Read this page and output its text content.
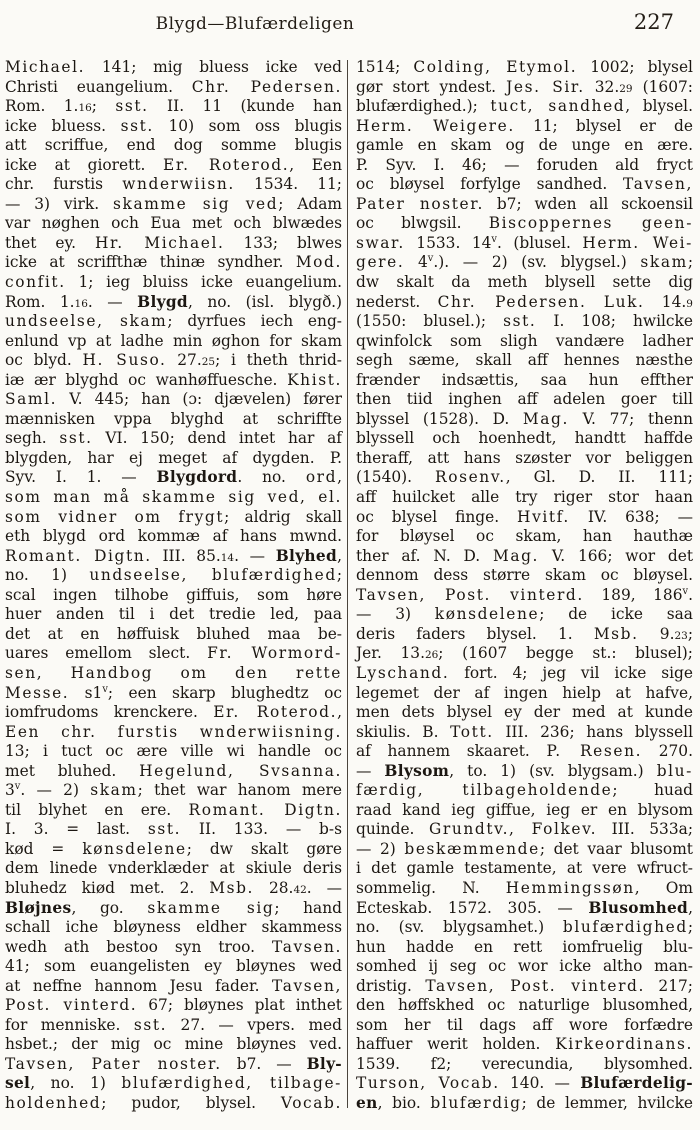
Blygd—Blufærdeligen	227
Michael. 141; mig bluess icke ved
Christi euangelium. Chr. Pedersen.
Rom. 1.16; sst. II. 11 (kunde han
icke bluess. sst. 10) som oss blugis
att scriffue, end dog somme blugis
icke at giorett. Er. Roterod., Een
chr. furstis wnderwiisn. 1534. 11;
— 3) virk. skamme sig ved; Adam
var nøghen och Eua met och blwædes
thet ey. Hr. Michael. 133; blwes
icke at scriffthæ thinæ syndher. Mod.
confit. 1; ieg bluiss icke euangelium.
Rom. 1.16. — Blygd, no. (isl. blygð.)
undseelse, skam; dyrfues iech eng-
enlund vp at ladhe min øghon for skam
oc blyd. H. Suso. 27.25; i theth thrid-
iæ ær blyghd oc wanhøffuesche. Khist.
Saml. V. 445; han (ɔ: djævelen) fører
mænnisken vppa blyghd at schriffte
segh. sst. VI. 150; dend intet har af
blygden, har ej meget af dygden. P.
Syv. I. 1. — Blygdord. no. ord,
som man må skamme sig ved, el.
som vidner om frygt; aldrig skall
eth blygd ord kommæ af hans mwnd.
Romant. Digtn. III. 85.14. — Blyhed,
no. 1) undseelse, blufærdighed;
scal ingen tilhobe giffuis, som høre
huer anden til i det tredie led, paa
det at en høffuisk bluhed maa be-
uares emellom slect. Fr. Wormord-
sen, Handbog om den rette
Messe. s1$^v$; een skarp blughedtz oc
iomfrudoms krenckere. Er. Roterod.,
Een chr. furstis wnderwiisning.
13; i tuct oc ære ville wi handle oc
met bluhed. Hegelund, Svsanna.
3$^v$. — 2) skam; thet war hanom mere
til blyhet en ere. Romant. Digtn.
I. 3. = last. sst. II. 133. — b-s
kød = kønsdelene; dw skalt gøre
dem linede vnderklæder at skiule deris
bluhedz kiød met. 2. Msb. 28.42. —
Bløjnes, go. skamme sig; hand
schall iche bløyness eldher skammess
wedh ath bestoo syn troo. Tavsen.
41; som euangelisten ey bløynes wed
at neffne hannom Jesu fader. Tavsen,
Post. vinterd. 67; bløynes plat inthet
for menniske. sst. 27. — vpers. med
hsbet.; der mig oc mine bløynes ved.
Tavsen, Pater noster. b7. — Bly-
sel, no. 1) blufærdighed, tilbage-
holdenhed; pudor, blysel. Vocab.
1514; Colding, Etymol. 1002; blysel
gør stort yndest. Jes. Sir. 32.29 (1607:
blufærdighed.); tuct, sandhed, blysel.
Herm. Weigere. 11; blysel er de
gamle en skam og de unge en ære.
P. Syv. I. 46; — foruden ald fryct
oc bløysel forfylge sandhed. Tavsen,
Pater noster. b7; wden all sckoensil
oc blwgsil. Biscoppernes geen-
swar. 1533. 14$^v$. (blusel. Herm. Wei-
gere. 4$^v$.). — 2) (sv. blygsel.) skam;
dw skalt da meth blysell sette dig
nederst. Chr. Pedersen. Luk. 14.9
(1550: blusel.); sst. I. 108; hwilcke
qwinfolck som sligh vandære ladher
segh sæme, skall aff hennes næsthe
frænder indsættis, saa hun effther
then tiid inghen aff adelen goer till
blyssel (1528). D. Mag. V. 77; thenn
blyssell och hoenhedt, handtt haffde
theraff, att hans szøster vor beliggen
(1540). Rosenv., Gl. D. II. 111;
aff huilcket alle try riger stor haan
oc blysel finge. Hvitf. IV. 638; —
for bløysel oc skam, han hauthæ
ther af. N. D. Mag. V. 166; wor det
dennom dess større skam oc bløysel.
Tavsen, Post. vinterd. 189, 186$^v$.
— 3) kønsdelene; de icke saa
deris faders blysel. 1. Msb. 9.23;
Jer. 13.26; (1607 begge st.: blusel);
Lyschand. fort. 4; jeg vil icke sige
legemet der af ingen hielp at hafve,
men dets blysel ey der med at kunde
skiulis. B. Tott. III. 236; hans blyssell
af hannem skaaret. P. Resen. 270.
— Blysom, to. 1) (sv. blygsam.) blu-
færdig, tilbageholdende; huad
raad kand ieg giffue, ieg er en blysom
quinde. Grundtv., Folkev. III. 533a;
— 2) beskæmmende; det vaar blusomt
i det gamle testamente, at vere wfruct-
sommelig. N. Hemmingssøn, Om
Ecteskab. 1572. 305. — Blusomhed,
no. (sv. blygsamhet.) blufærdighed;
hun hadde en rett iomfruelig blu-
somhed ij seg oc wor icke altho man-
dristig. Tavsen, Post. vinterd. 217;
den høffskhed oc naturlige blusomhed,
som her til dags aff wore forfædre
haffuer werit holden. Kirkeordinans.
1539. f2; verecundia, blysomhed.
Turson, Vocab. 140. — Blufærdelig-
en, bio. blufærdig; de lemmer, hvilcke
